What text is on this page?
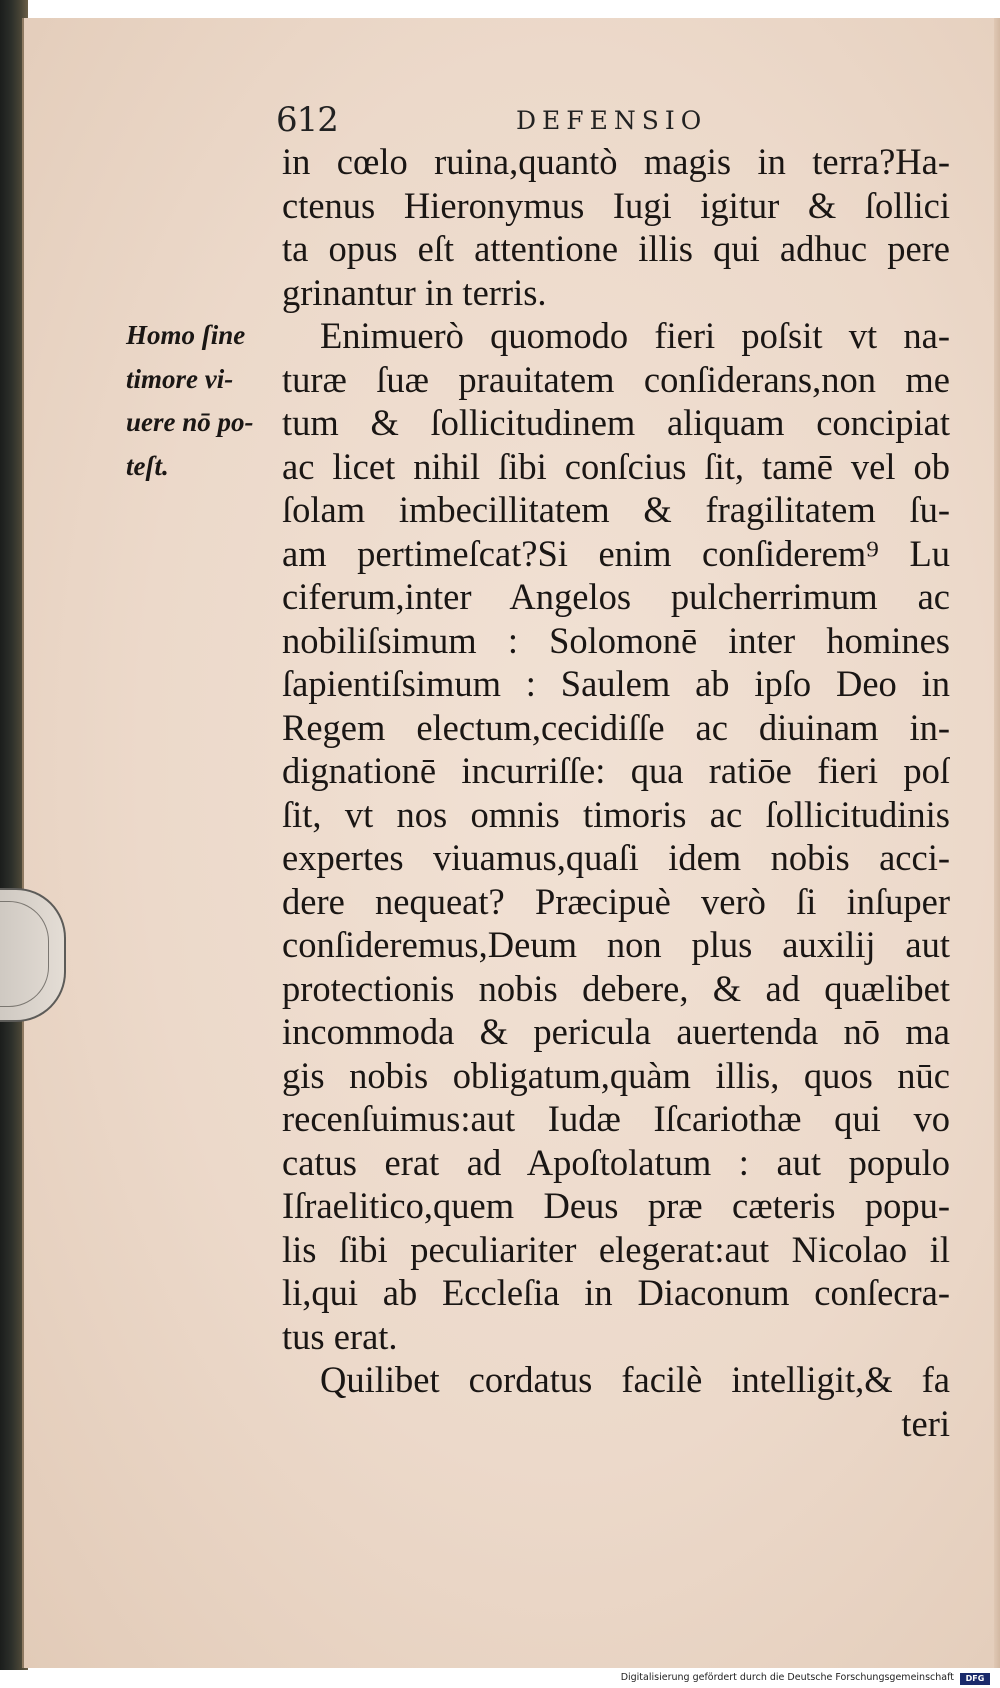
612	DEFENSIO
Homo ſine
timore vi-
uere nō po-
teſt.
in cœlo ruina,quantò magis in terra?Ha-
ctenus Hieronymus Iugi igitur & ſollici
ta opus eſt attentione illis qui adhuc pere
grinantur in terris.
Enimuerò quomodo fieri poſsit vt na-
turæ ſuæ prauitatem conſiderans,non me
tum & ſollicitudinem aliquam concipiat
ac licet nihil ſibi conſcius ſit, tamē vel ob
ſolam imbecillitatem & fragilitatem ſu-
am pertimeſcat?Si enim conſiderem⁹ Lu
ciferum,inter Angelos pulcherrimum ac
nobiliſsimum : Solomonē inter homines
ſapientiſsimum : Saulem ab ipſo Deo in
Regem electum,cecidiſſe ac diuinam in-
dignationē incurriſſe: qua ratiōe fieri poſ
ſit, vt nos omnis timoris ac ſollicitudinis
expertes viuamus,quaſi idem nobis acci-
dere nequeat? Præcipuè verò ſi inſuper
conſideremus,Deum non plus auxilij aut
protectionis nobis debere, & ad quælibet
incommoda & pericula auertenda nō ma
gis nobis obligatum,quàm illis, quos nūc
recenſuimus:aut Iudæ Iſcariothæ qui vo
catus erat ad Apoſtolatum : aut populo
Iſraelitico,quem Deus præ cæteris popu-
lis ſibi peculiariter elegerat:aut Nicolao il
li,qui ab Eccleſia in Diaconum conſecra-
tus erat.
Quilibet cordatus facilè intelligit,& fa
teri
Digitalisierung gefördert durch die Deutsche Forschungsgemeinschaft	DFG
